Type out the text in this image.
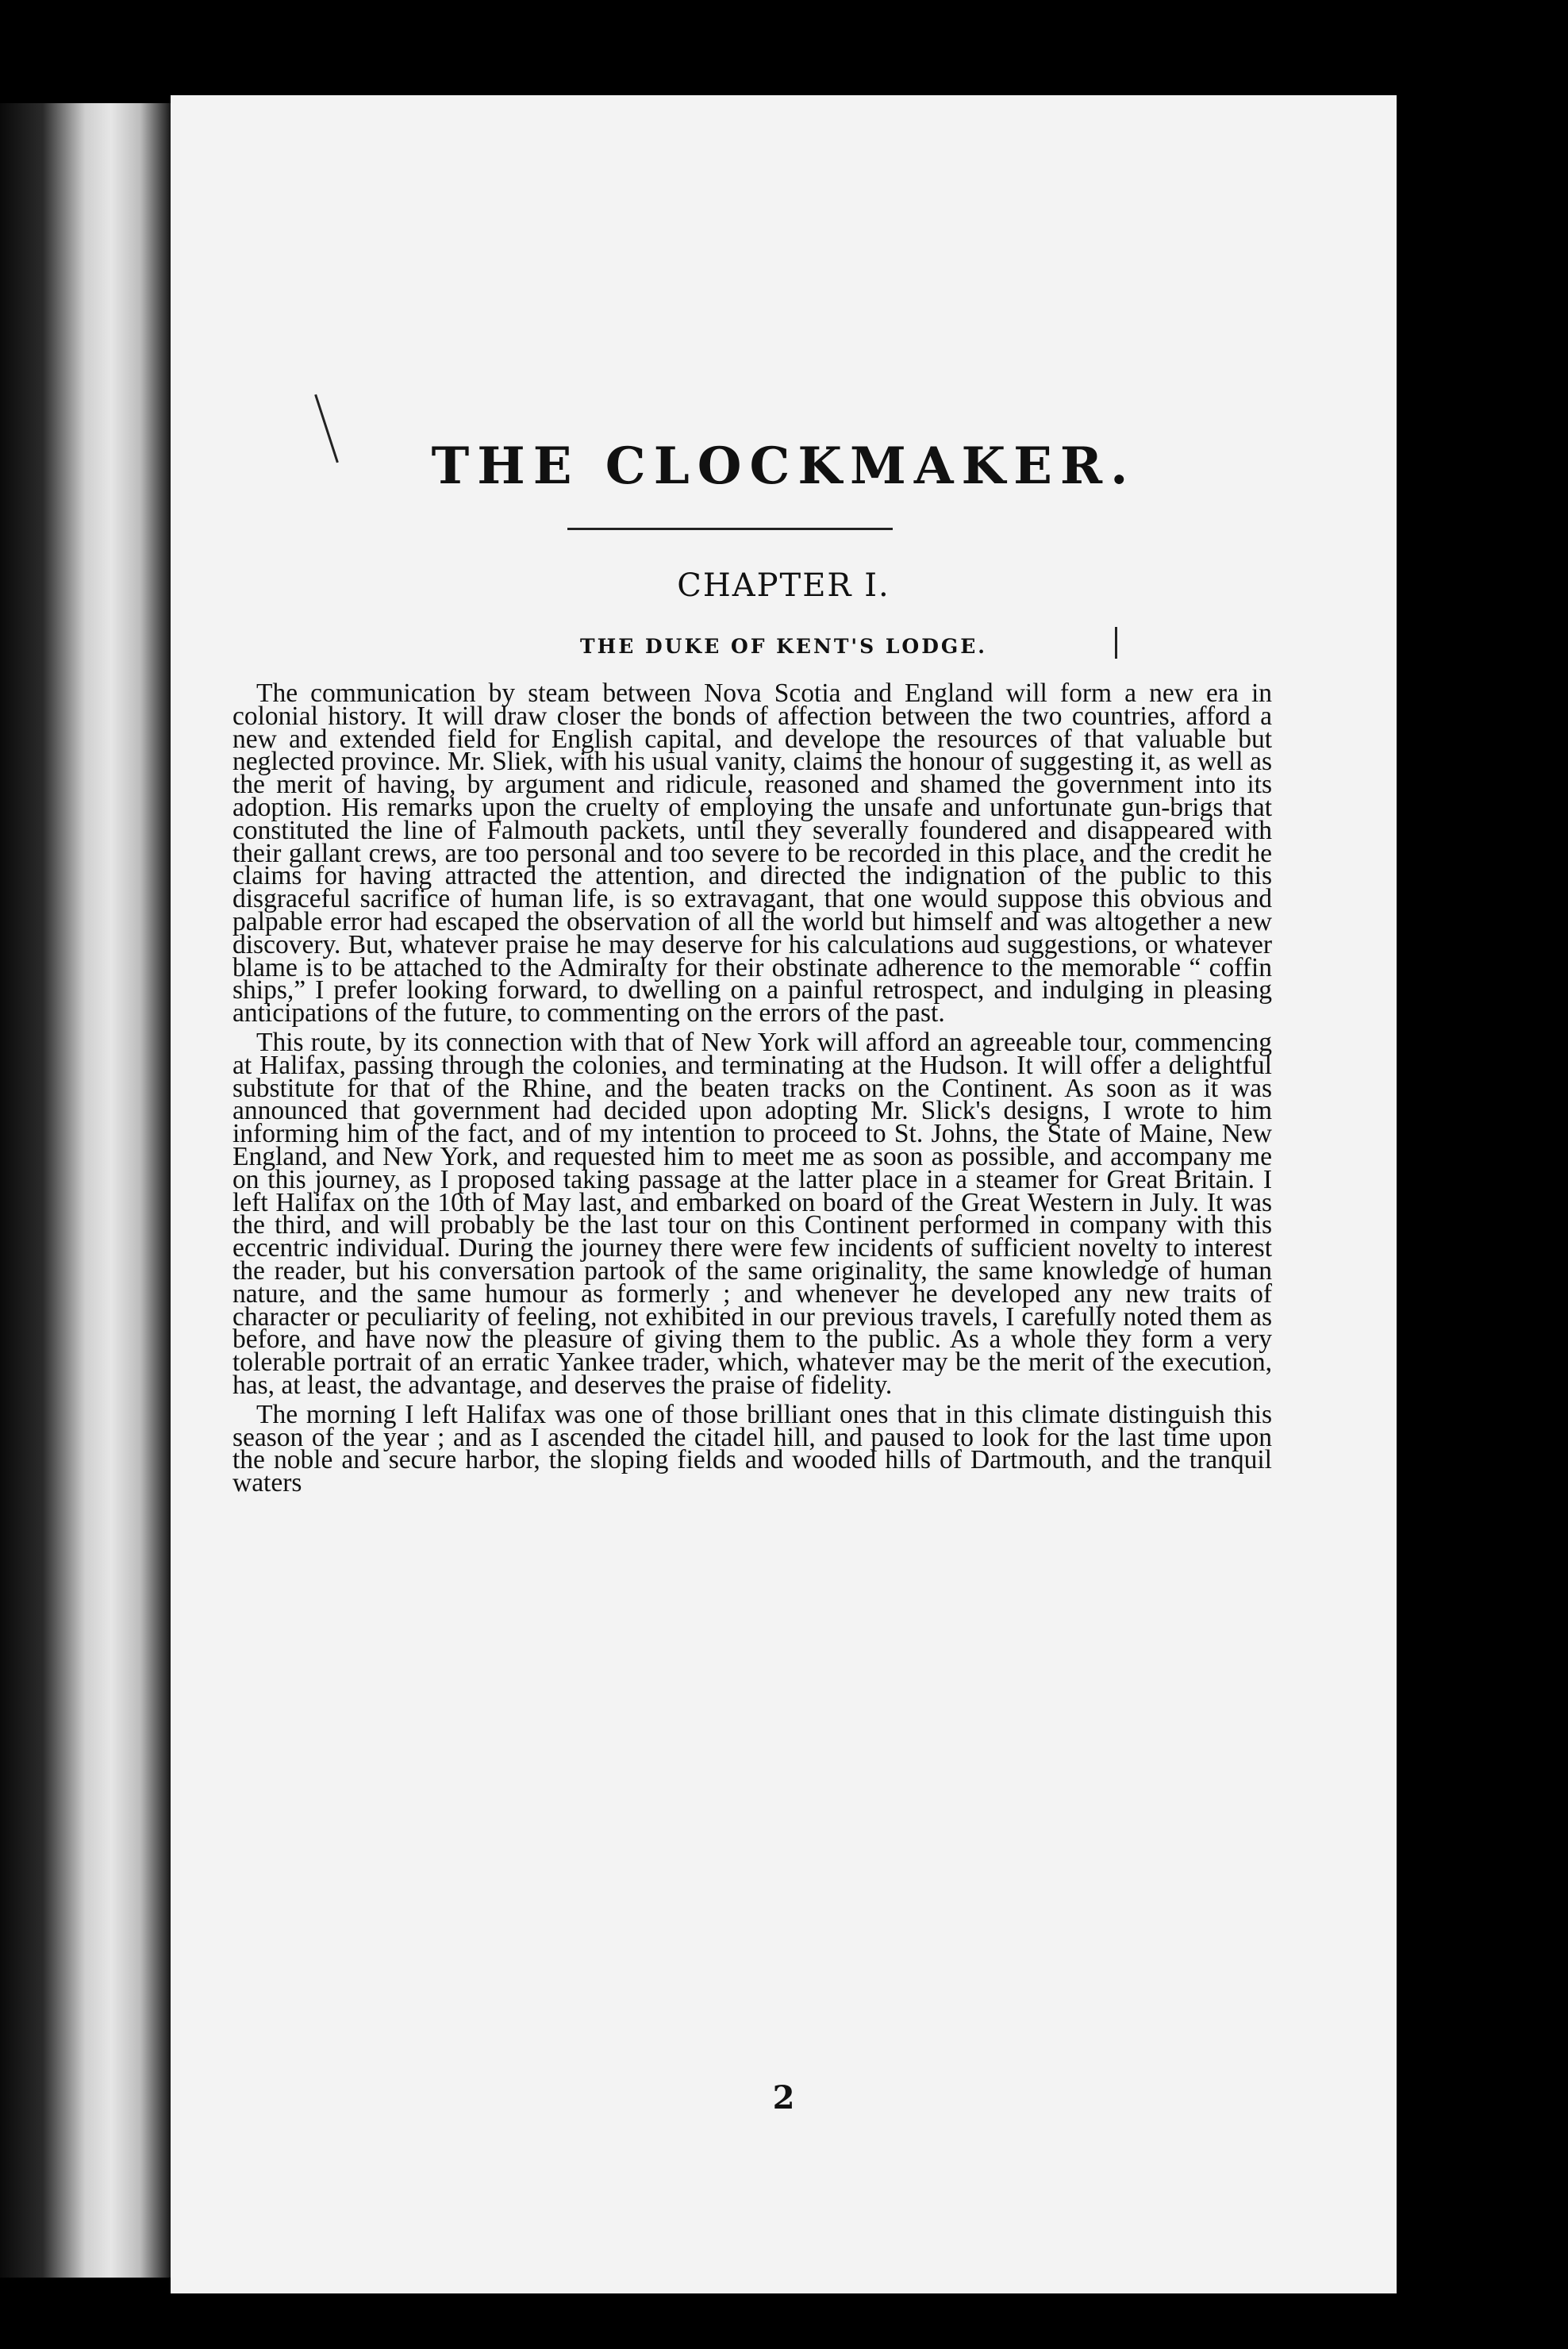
THE CLOCKMAKER.
CHAPTER I.
THE DUKE OF KENT'S LODGE.

The communication by steam between Nova Scotia and England will form a new era in colonial history. It will draw closer the bonds of affection between the two countries, afford a new and extended field for English capital, and develope the resources of that valuable but neglected province. Mr. Sliek, with his usual vanity, claims the honour of suggesting it, as well as the merit of having, by argument and ridicule, reasoned and shamed the government into its adoption. His remarks upon the cruelty of employing the unsafe and unfortunate gun-brigs that constituted the line of Falmouth packets, until they severally foundered and disappeared with their gallant crews, are too personal and too severe to be recorded in this place, and the credit he claims for having attracted the attention, and directed the indignation of the public to this disgraceful sacrifice of human life, is so extravagant, that one would suppose this obvious and palpable error had escaped the observation of all the world but himself and was altogether a new discovery. But, whatever praise he may deserve for his calculations aud suggestions, or whatever blame is to be attached to the Admiralty for their obstinate adherence to the memorable “ coffin ships,” I prefer looking forward, to dwelling on a painful retrospect, and indulging in pleasing anticipations of the future, to commenting on the errors of the past.

This route, by its connection with that of New York will afford an agreeable tour, commencing at Halifax, passing through the colonies, and terminating at the Hudson. It will offer a delightful substitute for that of the Rhine, and the beaten tracks on the Continent. As soon as it was announced that government had decided upon adopting Mr. Slick's designs, I wrote to him informing him of the fact, and of my intention to proceed to St. Johns, the State of Maine, New England, and New York, and requested him to meet me as soon as possible, and accompany me on this journey, as I proposed taking passage at the latter place in a steamer for Great Britain. I left Halifax on the 10th of May last, and embarked on board of the Great Western in July. It was the third, and will probably be the last tour on this Continent performed in company with this eccentric individual. During the journey there were few incidents of sufficient novelty to interest the reader, but his conversation partook of the same originality, the same knowledge of human nature, and the same humour as formerly ; and whenever he developed any new traits of character or peculiarity of feeling, not exhibited in our previous travels, I carefully noted them as before, and have now the pleasure of giving them to the public. As a whole they form a very tolerable portrait of an erratic Yankee trader, which, whatever may be the merit of the execution, has, at least, the advantage, and deserves the praise of fidelity.

The morning I left Halifax was one of those brilliant ones that in this climate distinguish this season of the year ; and as I ascended the citadel hill, and paused to look for the last time upon the noble and secure harbor, the sloping fields and wooded hills of Dartmouth, and the tranquil waters

2
